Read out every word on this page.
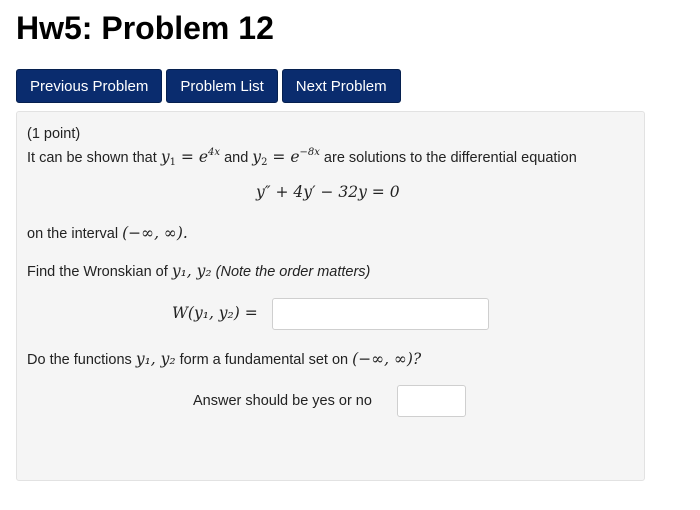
Hw5: Problem 12
Previous Problem	Problem List	Next Problem
(1 point)
It can be shown that $y_1 = e^{4x}$ and $y_2 = e^{-8x}$ are solutions to the differential equation
y″ + 4y′ − 32y = 0
on the interval (−∞, ∞).
Find the Wronskian of y₁, y₂ (Note the order matters)
W(y₁, y₂) =
Do the functions y₁, y₂ form a fundamental set on (−∞, ∞)?
Answer should be yes or no
